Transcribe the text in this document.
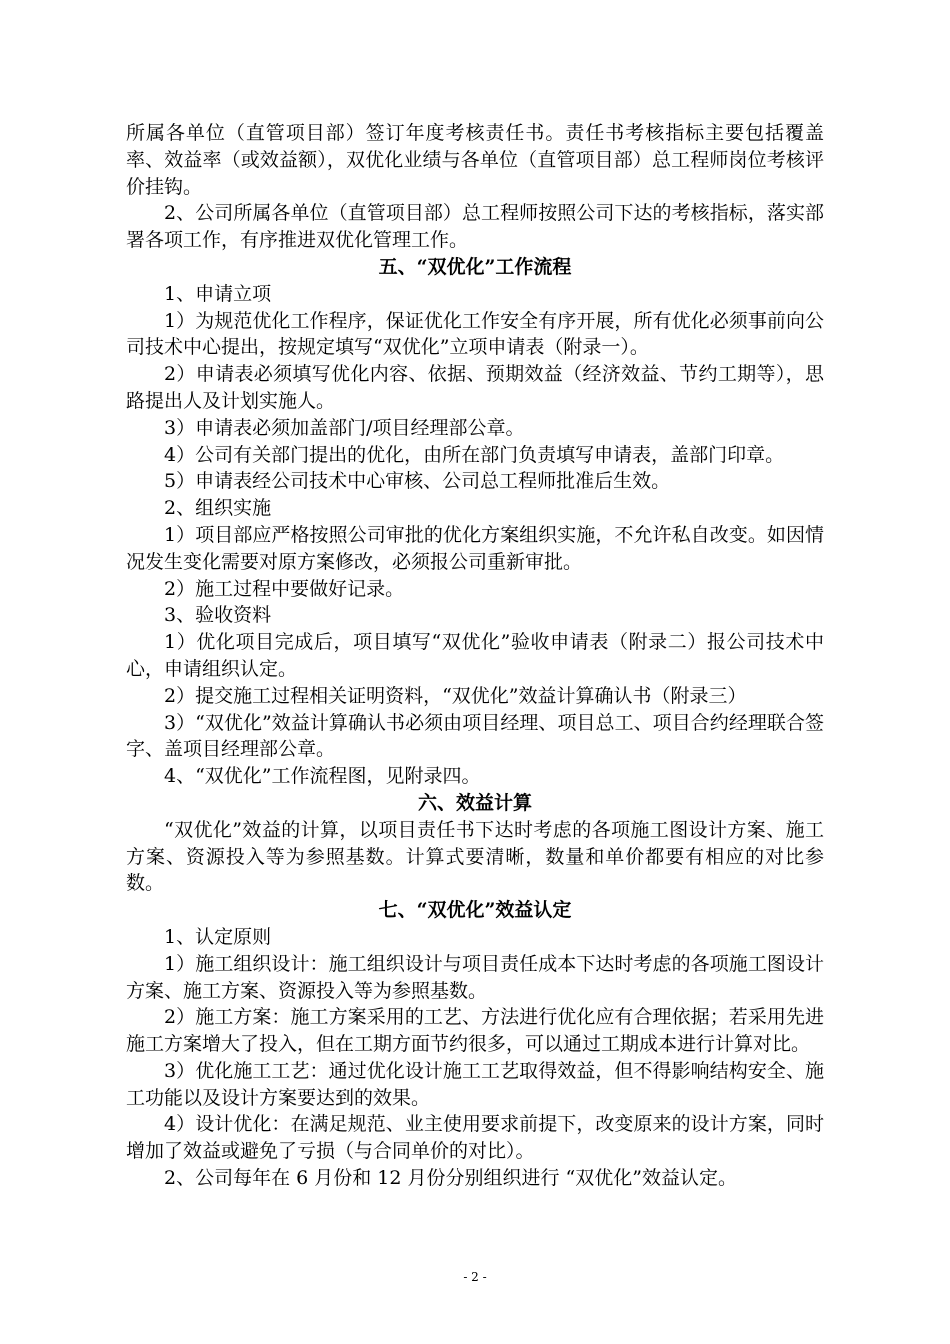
所属各单位（直管项目部）签订年度考核责任书。责任书考核指标主要包括覆盖率、效益率（或效益额），双优化业绩与各单位（直管项目部）总工程师岗位考核评价挂钩。

2、公司所属各单位（直管项目部）总工程师按照公司下达的考核指标，落实部署各项工作，有序推进双优化管理工作。

五、“双优化”工作流程

1、申请立项

1）为规范优化工作程序，保证优化工作安全有序开展，所有优化必须事前向公司技术中心提出，按规定填写“双优化”立项申请表（附录一）。

2）申请表必须填写优化内容、依据、预期效益（经济效益、节约工期等），思路提出人及计划实施人。

3）申请表必须加盖部门/项目经理部公章。

4）公司有关部门提出的优化，由所在部门负责填写申请表，盖部门印章。

5）申请表经公司技术中心审核、公司总工程师批准后生效。

2、组织实施

1）项目部应严格按照公司审批的优化方案组织实施，不允许私自改变。如因情况发生变化需要对原方案修改，必须报公司重新审批。

2）施工过程中要做好记录。

3、验收资料

1）优化项目完成后，项目填写“双优化”验收申请表（附录二）报公司技术中心，申请组织认定。

2）提交施工过程相关证明资料，“双优化”效益计算确认书（附录三）

3）“双优化”效益计算确认书必须由项目经理、项目总工、项目合约经理联合签字、盖项目经理部公章。

4、“双优化”工作流程图，见附录四。

六、效益计算

“双优化”效益的计算，以项目责任书下达时考虑的各项施工图设计方案、施工方案、资源投入等为参照基数。计算式要清晰，数量和单价都要有相应的对比参数。

七、“双优化”效益认定

1、认定原则

1）施工组织设计：施工组织设计与项目责任成本下达时考虑的各项施工图设计方案、施工方案、资源投入等为参照基数。

2）施工方案：施工方案采用的工艺、方法进行优化应有合理依据；若采用先进施工方案增大了投入，但在工期方面节约很多，可以通过工期成本进行计算对比。

3）优化施工工艺：通过优化设计施工工艺取得效益，但不得影响结构安全、施工功能以及设计方案要达到的效果。

4）设计优化：在满足规范、业主使用要求前提下，改变原来的设计方案，同时增加了效益或避免了亏损（与合同单价的对比）。

2、公司每年在 6 月份和 12 月份分别组织进行 “双优化”效益认定。

- 2 -
